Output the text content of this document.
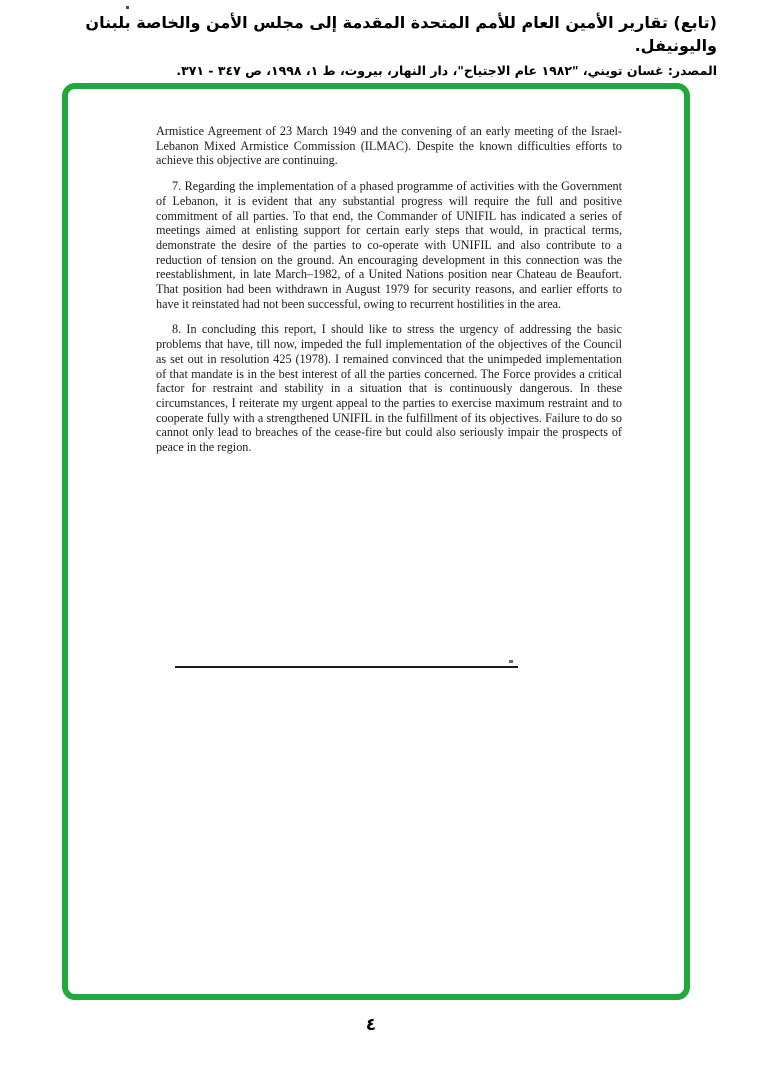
(تابع) تقارير الأمين العام للأمم المتحدة المقدمة إلى مجلس الأمن والخاصة بلبنان واليونيفل.

المصدر: غسان تويني، "١٩٨٢ عام الاجتياح"، دار النهار، بيروت، ط ١، ١٩٩٨، ص ٣٤٧ - ٣٧١.

Armistice Agreement of 23 March 1949 and the convening of an early meeting of the Israel-Lebanon Mixed Armistice Commission (ILMAC). Despite the known difficulties efforts to achieve this objective are continuing.

7. Regarding the implementation of a phased programme of activities with the Government of Lebanon, it is evident that any substantial progress will require the full and positive commitment of all parties. To that end, the Commander of UNIFIL has indicated a series of meetings aimed at enlisting support for certain early steps that would, in practical terms, demonstrate the desire of the parties to co-operate with UNIFIL and also contribute to a reduction of tension on the ground. An encouraging development in this connection was the reestablishment, in late March–1982, of a United Nations position near Chateau de Beaufort. That position had been withdrawn in August 1979 for security reasons, and earlier efforts to have it reinstated had not been successful, owing to recurrent hostilities in the area.

8. In concluding this report, I should like to stress the urgency of addressing the basic problems that have, till now, impeded the full implementation of the objectives of the Council as set out in resolution 425 (1978). I remained convinced that the unimpeded implementation of that mandate is in the best interest of all the parties concerned. The Force provides a critical factor for restraint and stability in a situation that is continuously dangerous. In these circumstances, I reiterate my urgent appeal to the parties to exercise maximum restraint and to cooperate fully with a strengthened UNIFIL in the fulfillment of its objectives. Failure to do so cannot only lead to breaches of the cease-fire but could also seriously impair the prospects of peace in the region.

٤
